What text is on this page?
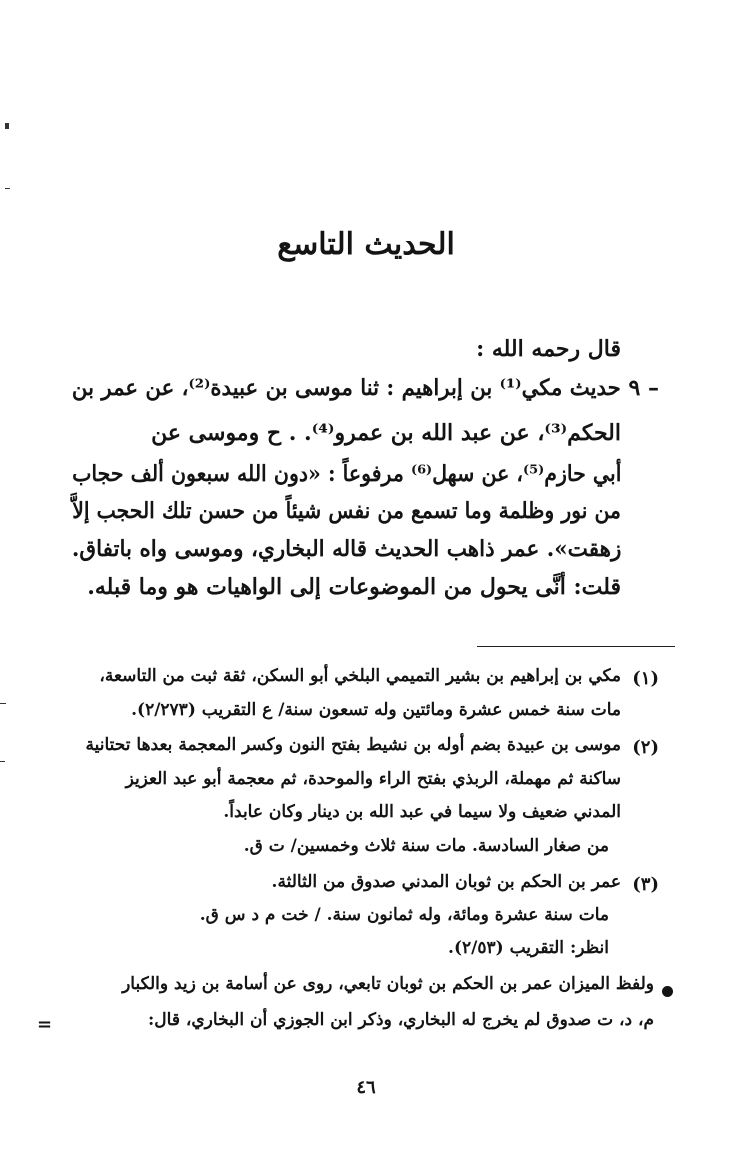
الحديث التاسع

قال رحمه الله :

٩ –

حديث مكي⁽¹⁾ بن إبراهيم : ثنا موسى بن عبيدة⁽²⁾، عن عمر بن

الحكم⁽³⁾، عن عبد الله بن عمرو⁽⁴⁾. . ح وموسى عن

أبي حازم⁽⁵⁾، عن سهل⁽⁶⁾ مرفوعاً : «دون الله سبعون ألف حجاب

من نور وظلمة وما تسمع من نفس شيئاً من حسن تلك الحجب إلاَّ

زهقت». عمر ذاهب الحديث قاله البخاري، وموسى واه باتفاق.

قلت: أنَّى يحول من الموضوعات إلى الواهيات هو وما قبله.

(١)

مكي بن إبراهيم بن بشير التميمي البلخي أبو السكن، ثقة ثبت من التاسعة،

مات سنة خمس عشرة ومائتين وله تسعون سنة/ ع التقريب (٢/٢٧٣).

(٢)

موسى بن عبيدة بضم أوله بن نشيط بفتح النون وكسر المعجمة بعدها تحتانية

ساكنة ثم مهملة، الربذي بفتح الراء والموحدة، ثم معجمة أبو عبد العزيز

المدني ضعيف ولا سيما في عبد الله بن دينار وكان عابداً.

من صغار السادسة. مات سنة ثلاث وخمسين/ ت ق.

(٣)

عمر بن الحكم بن ثوبان المدني صدوق من الثالثة.

مات سنة عشرة ومائة، وله ثمانون سنة. / خت م د س ق.

انظر: التقريب (٢/٥٣).

ولفظ الميزان عمر بن الحكم بن ثوبان تابعي، روى عن أسامة بن زيد والكبار

م، د، ت صدوق لم يخرج له البخاري، وذكر ابن الجوزي أن البخاري، قال:

=
٤٦
